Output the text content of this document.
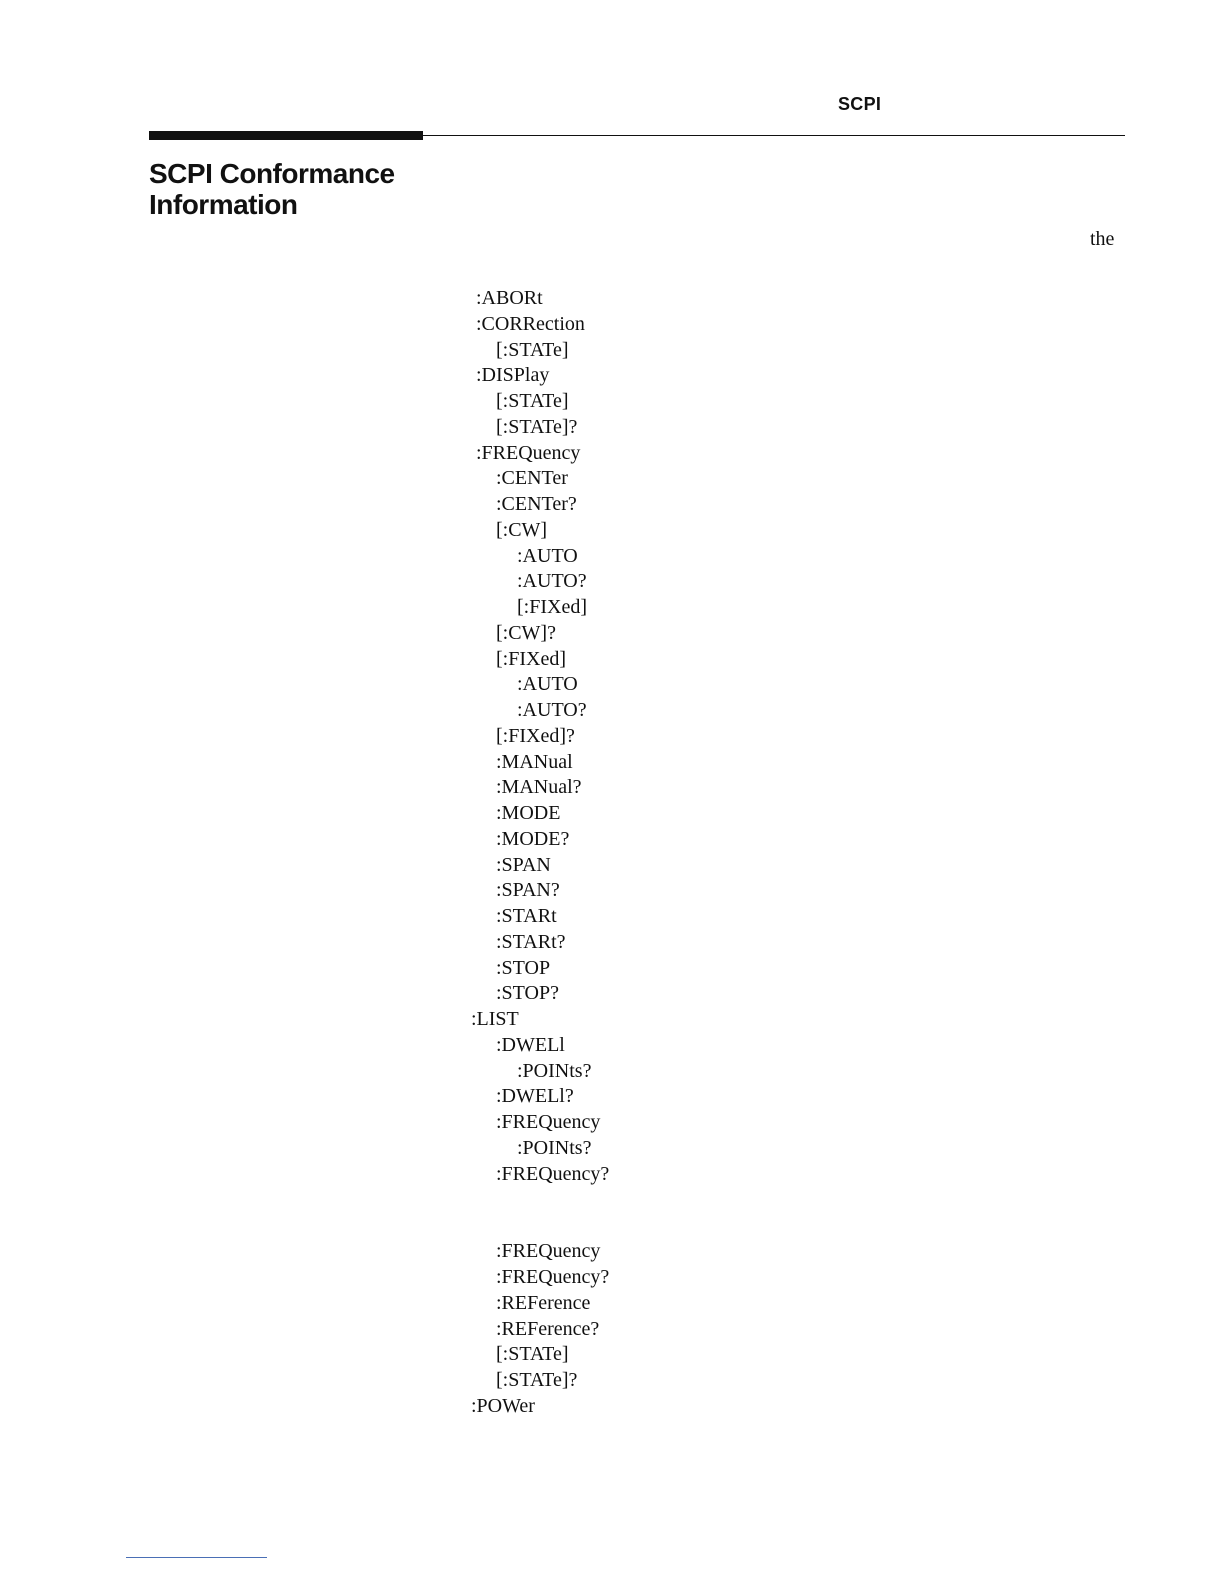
SCPI
SCPI Conformance
Information
the
:ABORt
:CORRection
[:STATe]
:DISPlay
[:STATe]
[:STATe]?
:FREQuency
:CENTer
:CENTer?
[:CW]
:AUTO
:AUTO?
[:FIXed]
[:CW]?
[:FIXed]
:AUTO
:AUTO?
[:FIXed]?
:MANual
:MANual?
:MODE
:MODE?
:SPAN
:SPAN?
:STARt
:STARt?
:STOP
:STOP?
:LIST
:DWELl
:POINts?
:DWELl?
:FREQuency
:POINts?
:FREQuency?
:FREQuency
:FREQuency?
:REFerence
:REFerence?
[:STATe]
[:STATe]?
:POWer
